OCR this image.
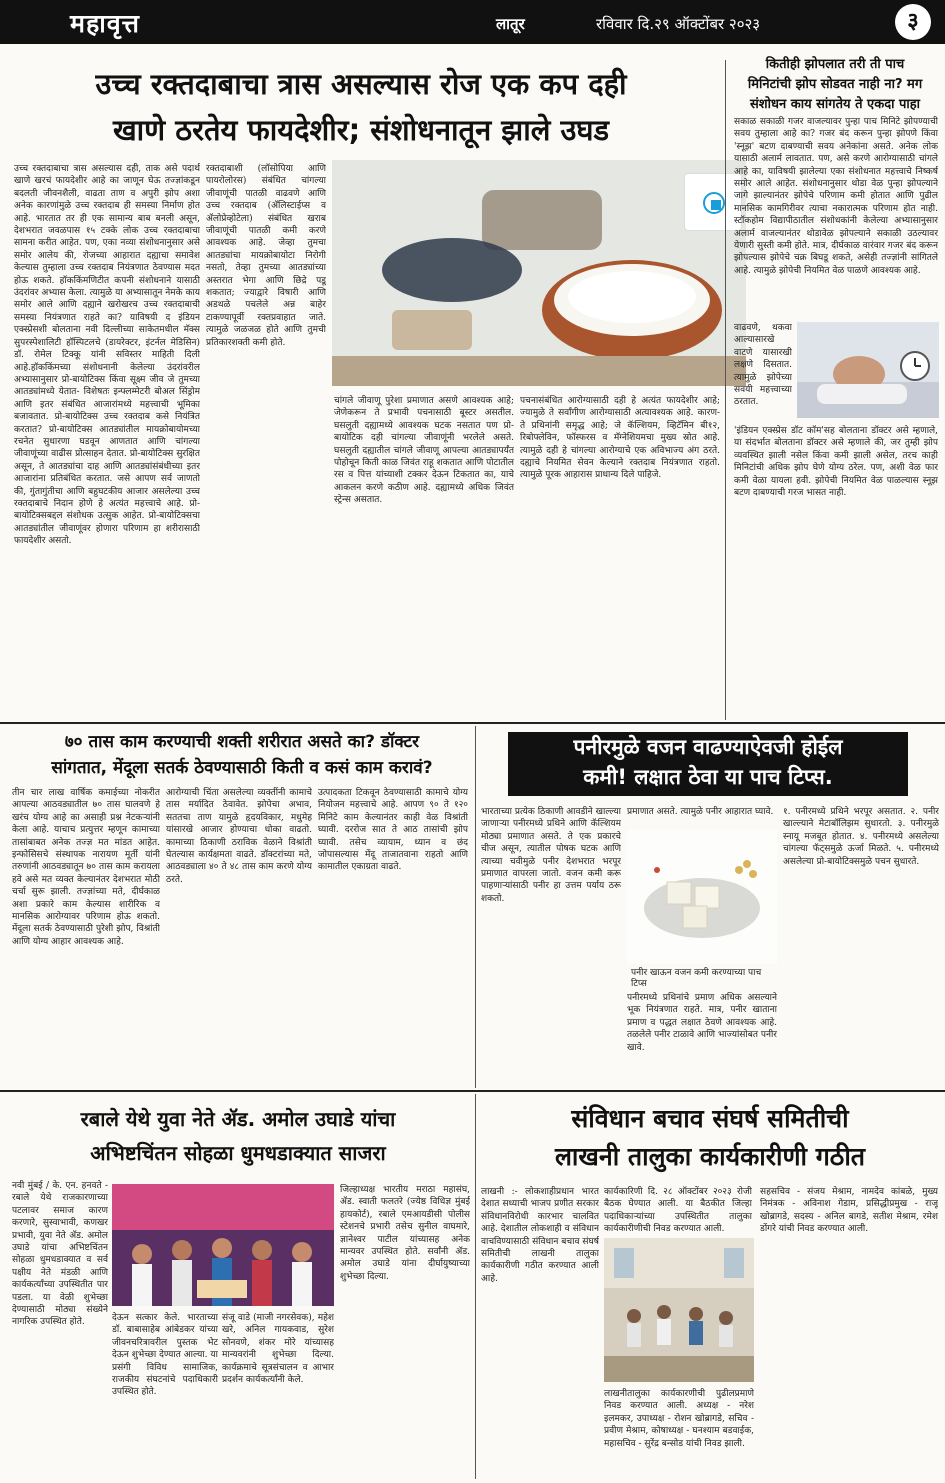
महावृत्त	लातूर	रविवार दि.२९ ऑक्टोंबर २०२३	३
उच्च रक्तदाबाचा त्रास असल्यास रोज एक कप दही
खाणे ठरतेय फायदेशीर; संशोधनातून झाले उघड
उच्च रक्तदाबाचा त्रास असल्यास दही, ताक असे पदार्थ खाणे खरचं फायदेशीर आहे का जाणून घेऊ तज्ज्ञांकडून बदलती जीवनशैली, वाढता ताण व अपुरी झोप अशा अनेक कारणांमुळे उच्च रक्तदाब ही समस्या निर्माण होत आहे. भारतात तर ही एक सामान्य बाब बनली असून, देशभरात जवळपास १५ टक्के लोक उच्च रक्तदाबाचा सामना करीत आहेत. पण, एका नव्या संशोधनानुसार असे समोर आलेय की, रोजच्या आहारात दह्याचा समावेश केल्यास तुम्हाला उच्च रक्तदाब नियंत्रणात ठेवण्यास मदत होऊ शकते. हॉककिंमणिटीत कपनी संशोधनाने यासाठी उंदरांवर अभ्यास केला. त्यामुळे या अभ्यासातून नेमके काय समोर आले आणि दह्याने खरोखरच उच्च रक्तदाबाची समस्या नियंत्रणात राहते का? याविषयी द इंडियन एक्स्प्रेसशी बोलताना नवी दिल्लीच्या साकेतमधील मॅक्स सुपरस्पेशालिटी हॉस्पिटलचे (डायरेक्टर, इंटर्नल मेडिसिन) डॉ. रोमेल टिक्कू यांनी सविस्तर माहिती दिली आहे.हॉककिंमच्या संशोधनानी केलेल्या उंदरांवरील अभ्यासानुसार प्रो-बायोटिक्स किंवा सूक्ष्म जीव जे तुमच्या आतड्यांमध्ये येतात- विशेषतः इन्फ्लम्मेटरी बोअल सिंड्रोम आणि इतर संबंधित आजारांमध्ये महत्त्वाची भूमिका बजावतात. प्रो-बायोटिक्स उच्च रक्तदाब कसे नियंत्रित करतात? प्रो-बायोटिक्स आतड्यांतील मायक्रोबायोमच्या रचनेत सुधारणा घडवून आणतात आणि चांगल्या जीवाणूंच्या वाढीस प्रोत्साहन देतात. प्रो-बायोटिक्स सुरक्षित असून, ते आतड्यांचा दाह आणि आतड्यांसंबंधीच्या इतर आजारांना प्रतिबंधित करतात. जसे आपण सर्व जाणतो की, गुंतागुंतीचा आणि बहुघटकीय आजार असलेल्या उच्च रक्तदाबाचे निदान होणे हे अत्यंत महत्त्वाचे आहे. प्रो-बायोटिक्सबद्दल संशोधक उत्सुक आहेत. प्रो-बायोटिक्सचा आतड्यांतील जीवाणूंवर होणारा परिणाम हा शरीरासाठी फायदेशीर असतो.
रक्तदाबाशी (लॉसोपिया आणि पायरोलोरस) संबंधित चांगल्या जीवाणूंची पातळी वाढवणे आणि उच्च रक्तदाब (ॲलिस्टाईप्स व ॲलोप्रेव्होटेला) संबंधित खराब जीवाणूंची पातळी कमी करणे आवश्यक आहे. जेव्हा तुमचा आतड्यांचा मायक्रोबायोटा निरोगी नसतो, तेव्हा तुमच्या आतड्यांच्या अस्तरात भेगा आणि छिद्रे पडू शकतात; ज्याद्वारे विषारी आणि अडथळे पचलेले अन्न बाहेर टाकण्यापूर्वी रक्तप्रवाहात जाते. त्यामुळे जळजळ होते आणि तुमची प्रतिकारशक्ती कमी होते.
चांगले जीवाणू पुरेशा प्रमाणात असणे आवश्यक आहे; जेणेकरून ते प्रभावी पचनासाठी बूस्टर असतील. घसलुती दह्यामध्ये आवश्यक घटक नसतात पण प्रो-बायोटिक दही चांगल्या जीवाणूंनी भरलेले असते. घसलुती दह्यातील चांगले जीवाणू आपल्या आतड्यापर्यंत पोहोचून किती काळ जिवंत राहू शकतात आणि पोटातील रस व पित्त यांच्याशी टक्कर देऊन टिकतात का, याचे आकलन करणे कठीण आहे. दह्यामध्ये अधिक जिवंत स्ट्रेन्स असतात.
पचनासंबंधित आरोग्यासाठी दही हे अत्यंत फायदेशीर आहे; ज्यामुळे ते सर्वांगीण आरोग्यासाठी अत्यावश्यक आहे. कारण- ते प्रथिनांनी समृद्ध आहे; जे कॅल्शियम, व्हिटॅमिन बी१२, रिबोफ्लेविन, फॉस्फरस व मॅग्नेशियमचा मुख्य स्रोत आहे. त्यामुळे दही हे चांगल्या आरोग्याचे एक अविभाज्य अंग ठरते. दह्याचे नियमित सेवन केल्याने रक्तदाब नियंत्रणात राहतो. त्यामुळे पूरक आहारास प्राधान्य दिले पाहिजे.
कितीही झोपलात तरी ती पाच
मिनिटांची झोप सोडवत नाही ना? मग
संशोधन काय सांगतेय ते एकदा पाहा
सकाळ सकाळी गजर वाजल्यावर पुन्हा पाच मिनिटे झोपण्याची सवय तुम्हाला आहे का? गजर बंद करून पुन्हा झोपणे किंवा 'स्नूझ' बटण दाबण्याची सवय अनेकांना असते. अनेक लोक यासाठी अलार्म लावतात. पण, असे करणे आरोग्यासाठी चांगले आहे का, याविषयी झालेल्या एका संशोधनात महत्त्वाचे निष्कर्ष समोर आले आहेत. संशोधनानुसार थोडा वेळ पुन्हा झोपल्याने जागे झाल्यानंतर झोपेचे परिणाम कमी होतात आणि पुढील मानसिक कामगिरीवर त्याचा नकारात्मक परिणाम होत नाही. स्टॉकहोम विद्यापीठातील संशोधकांनी केलेल्या अभ्यासानुसार अलार्म वाजल्यानंतर थोडावेळ झोपल्याने सकाळी उठल्यावर येणारी सुस्ती कमी होते. मात्र, दीर्घकाळ वारंवार गजर बंद करून झोपल्यास झोपेचे चक्र बिघडू शकते, असेही तज्ज्ञांनी सांगितले आहे. त्यामुळे झोपेची नियमित वेळ पाळणे आवश्यक आहे.
वाढवणे, थकवा आल्यासारखे वाटणे यासारखी लक्षणे दिसतात. त्यामुळे झोपेच्या सवयी महत्त्वाच्या ठरतात.
'इंडियन एक्स्प्रेस डॉट कॉम'सह बोलताना डॉक्टर असे म्हणाले, या संदर्भात बोलताना डॉक्टर असे म्हणाले की, जर तुम्ही झोप व्यवस्थित झाली नसेल किंवा कमी झाली असेल, तरच काही मिनिटांची अधिक झोप घेणे योग्य ठरेल. पण, अशी वेळ फार कमी वेळा यायला हवी. झोपेची नियमित वेळ पाळल्यास स्नूझ बटण दाबण्याची गरज भासत नाही.
७० तास काम करण्याची शक्ती शरीरात असते का? डॉक्टर
सांगतात, मेंदूला सतर्क ठेवण्यासाठी किती व कसं काम करावं?
तीन चार लाख वार्षिक कमाईच्या नोकरीत आपल्या आठवड्यातील ७० तास घालवणे हे खरंच योग्य आहे का असाही प्रश्न नेटकऱ्यांनी केला आहे. याचाच प्रत्युत्तर म्हणून कामाच्या तासांबाबत अनेक तज्ज्ञ मत मांडत आहेत. इन्फोसिसचे संस्थापक नारायण मूर्ती यांनी तरुणांनी आठवड्यातून ७० तास काम करायला हवे असे मत व्यक्त केल्यानंतर देशभरात मोठी चर्चा सुरू झाली. तज्ज्ञांच्या मते, दीर्घकाळ अशा प्रकारे काम केल्यास शारीरिक व मानसिक आरोग्यावर परिणाम होऊ शकतो. मेंदूला सतर्क ठेवण्यासाठी पुरेशी झोप, विश्रांती आणि योग्य आहार आवश्यक आहे.
आरोग्याची चिंता असलेल्या व्यक्तींनी कामाचे तास मर्यादित ठेवावेत. झोपेचा अभाव, सततचा ताण यामुळे हृदयविकार, मधुमेह यांसारखे आजार होण्याचा धोका वाढतो. कामाच्या ठिकाणी ठराविक वेळाने विश्रांती घेतल्यास कार्यक्षमता वाढते. डॉक्टरांच्या मते, आठवड्याला ४० ते ४८ तास काम करणे योग्य ठरते.
उत्पादकता टिकवून ठेवण्यासाठी कामाचे योग्य नियोजन महत्त्वाचे आहे. आपण ९० ते १२० मिनिटे काम केल्यानंतर काही वेळ विश्रांती घ्यावी. दररोज सात ते आठ तासांची झोप घ्यावी. तसेच व्यायाम, ध्यान व छंद जोपासल्यास मेंदू ताजातवाना राहतो आणि कामातील एकाग्रता वाढते.
पनीरमुळे वजन वाढण्याऐवजी होईल
कमी! लक्षात ठेवा या पाच टिप्स.
भारताच्या प्रत्येक ठिकाणी आवडीने खाल्ल्या जाणाऱ्या पनीरमध्ये प्रथिने आणि कॅल्शियम मोठ्या प्रमाणात असते. ते एक प्रकारचे चीज असून, त्यातील पोषक घटक आणि त्याच्या चवीमुळे पनीर देशभरात भरपूर प्रमाणात वापरला जातो. वजन कमी करू पाहणाऱ्यांसाठी पनीर हा उत्तम पर्याय ठरू शकतो.
पनीर खाऊन वजन कमी करण्याच्या पाच टिप्स
पनीरमध्ये प्रथिनांचे प्रमाण अधिक असल्याने भूक नियंत्रणात राहते. मात्र, पनीर खाताना प्रमाण व पद्धत लक्षात ठेवणे आवश्यक आहे. तळलेले पनीर टाळावे आणि भाज्यांसोबत पनीर खावे.
प्रमाणात असते. त्यामुळे पनीर आहारात घ्यावे.	१. पनीरमध्ये प्रथिने भरपूर असतात. २. पनीर खाल्ल्याने मेटाबॉलिझम सुधारतो. ३. पनीरमुळे स्नायू मजबूत होतात. ४. पनीरमध्ये असलेल्या चांगल्या फॅट्समुळे ऊर्जा मिळते. ५. पनीरमध्ये असलेल्या प्रो-बायोटिक्समुळे पचन सुधारते.
रबाले येथे युवा नेते ॲड. अमोल उघाडे यांचा
अभिष्टचिंतन सोहळा धुमधडाक्यात साजरा
नवी मुंबई / के. एन. हनवते - रबाले येथे राजकारणाच्या पटलावर समाज कारण करणारे, सुस्वाभावी, कणखर प्रभावी, युवा नेते ॲड. अमोल उघाडे यांचा अभिष्टचिंतन सोहळा धुमधडाक्यात व सर्व पक्षीय नेते मंडळी आणि कार्यकर्त्यांच्या उपस्थितीत पार पडला. या वेळी शुभेच्छा देण्यासाठी मोठ्या संख्येने नागरिक उपस्थित होते.	देऊन सत्कार केले. भारताच्या डॉ. बाबासाहेब आंबेडकर यांच्या जीवनचरित्रावरील पुस्तक भेट देऊन शुभेच्छा देण्यात आल्या. या प्रसंगी विविध सामाजिक, राजकीय संघटनांचे पदाधिकारी उपस्थित होते.
संजू वाडे (माजी नगरसेवक), महेश खरे, अनिल गायकवाड, सुरेश सोनवणे, शंकर मोरे यांच्यासह मान्यवरांनी शुभेच्छा दिल्या. कार्यक्रमाचे सूत्रसंचालन व आभार प्रदर्शन कार्यकर्त्यांनी केले.
जिल्हाध्यक्ष भारतीय मराठा महासंघ, ॲड. स्वाती फलतरे (ज्येष्ठ विधिज्ञ मुंबई हायकोर्ट), रबाले एमआयडीसी पोलीस स्टेशनचे प्रभारी तसेच सुनील वाघमारे, ज्ञानेश्वर पाटील यांच्यासह अनेक मान्यवर उपस्थित होते. सर्वांनी ॲड. अमोल उघाडे यांना दीर्घायुष्याच्या शुभेच्छा दिल्या.
संविधान बचाव संघर्ष समितीची
लाखनी तालुका कार्यकारीणी गठीत
लाखनी :- लोकशाहीप्रधान भारत देशात सध्याची भाजप प्रणीत सरकार संविधानविरोधी कारभार चालवित आहे. देशातील लोकशाही व संविधान वाचविण्यासाठी संविधान बचाव संघर्ष समितीची लाखनी तालुका कार्यकारीणी गठीत करण्यात आली आहे.
कार्यकारिणी दि. २८ ऑक्टोंबर २०२३ रोजी बैठक घेण्यात आली. या बैठकीत जिल्हा पदाधिकाऱ्यांच्या उपस्थितीत तालुका कार्यकारीणीची निवड करण्यात आली.
लाखनीतालुका कार्यकारणीची पुढीलप्रमाणे निवड करण्यात आली. अध्यक्ष - नरेश इलमकर, उपाध्यक्ष - रोशन खोब्रागडे, सचिव - प्रवीण मेश्राम, कोषाध्यक्ष - घनश्याम बडवाईक, महासचिव - सुरेंद्र बन्सोड यांची निवड झाली.
सहसचिव - संजय मेश्राम, नामदेव कांबळे, मुख्य निमंत्रक - अविनाश गेडाम, प्रसिद्धीप्रमुख - राजू खोब्रागडे, सदस्य - अनिल बागडे, सतीश मेश्राम, रमेश डोंगरे यांची निवड करण्यात आली.
